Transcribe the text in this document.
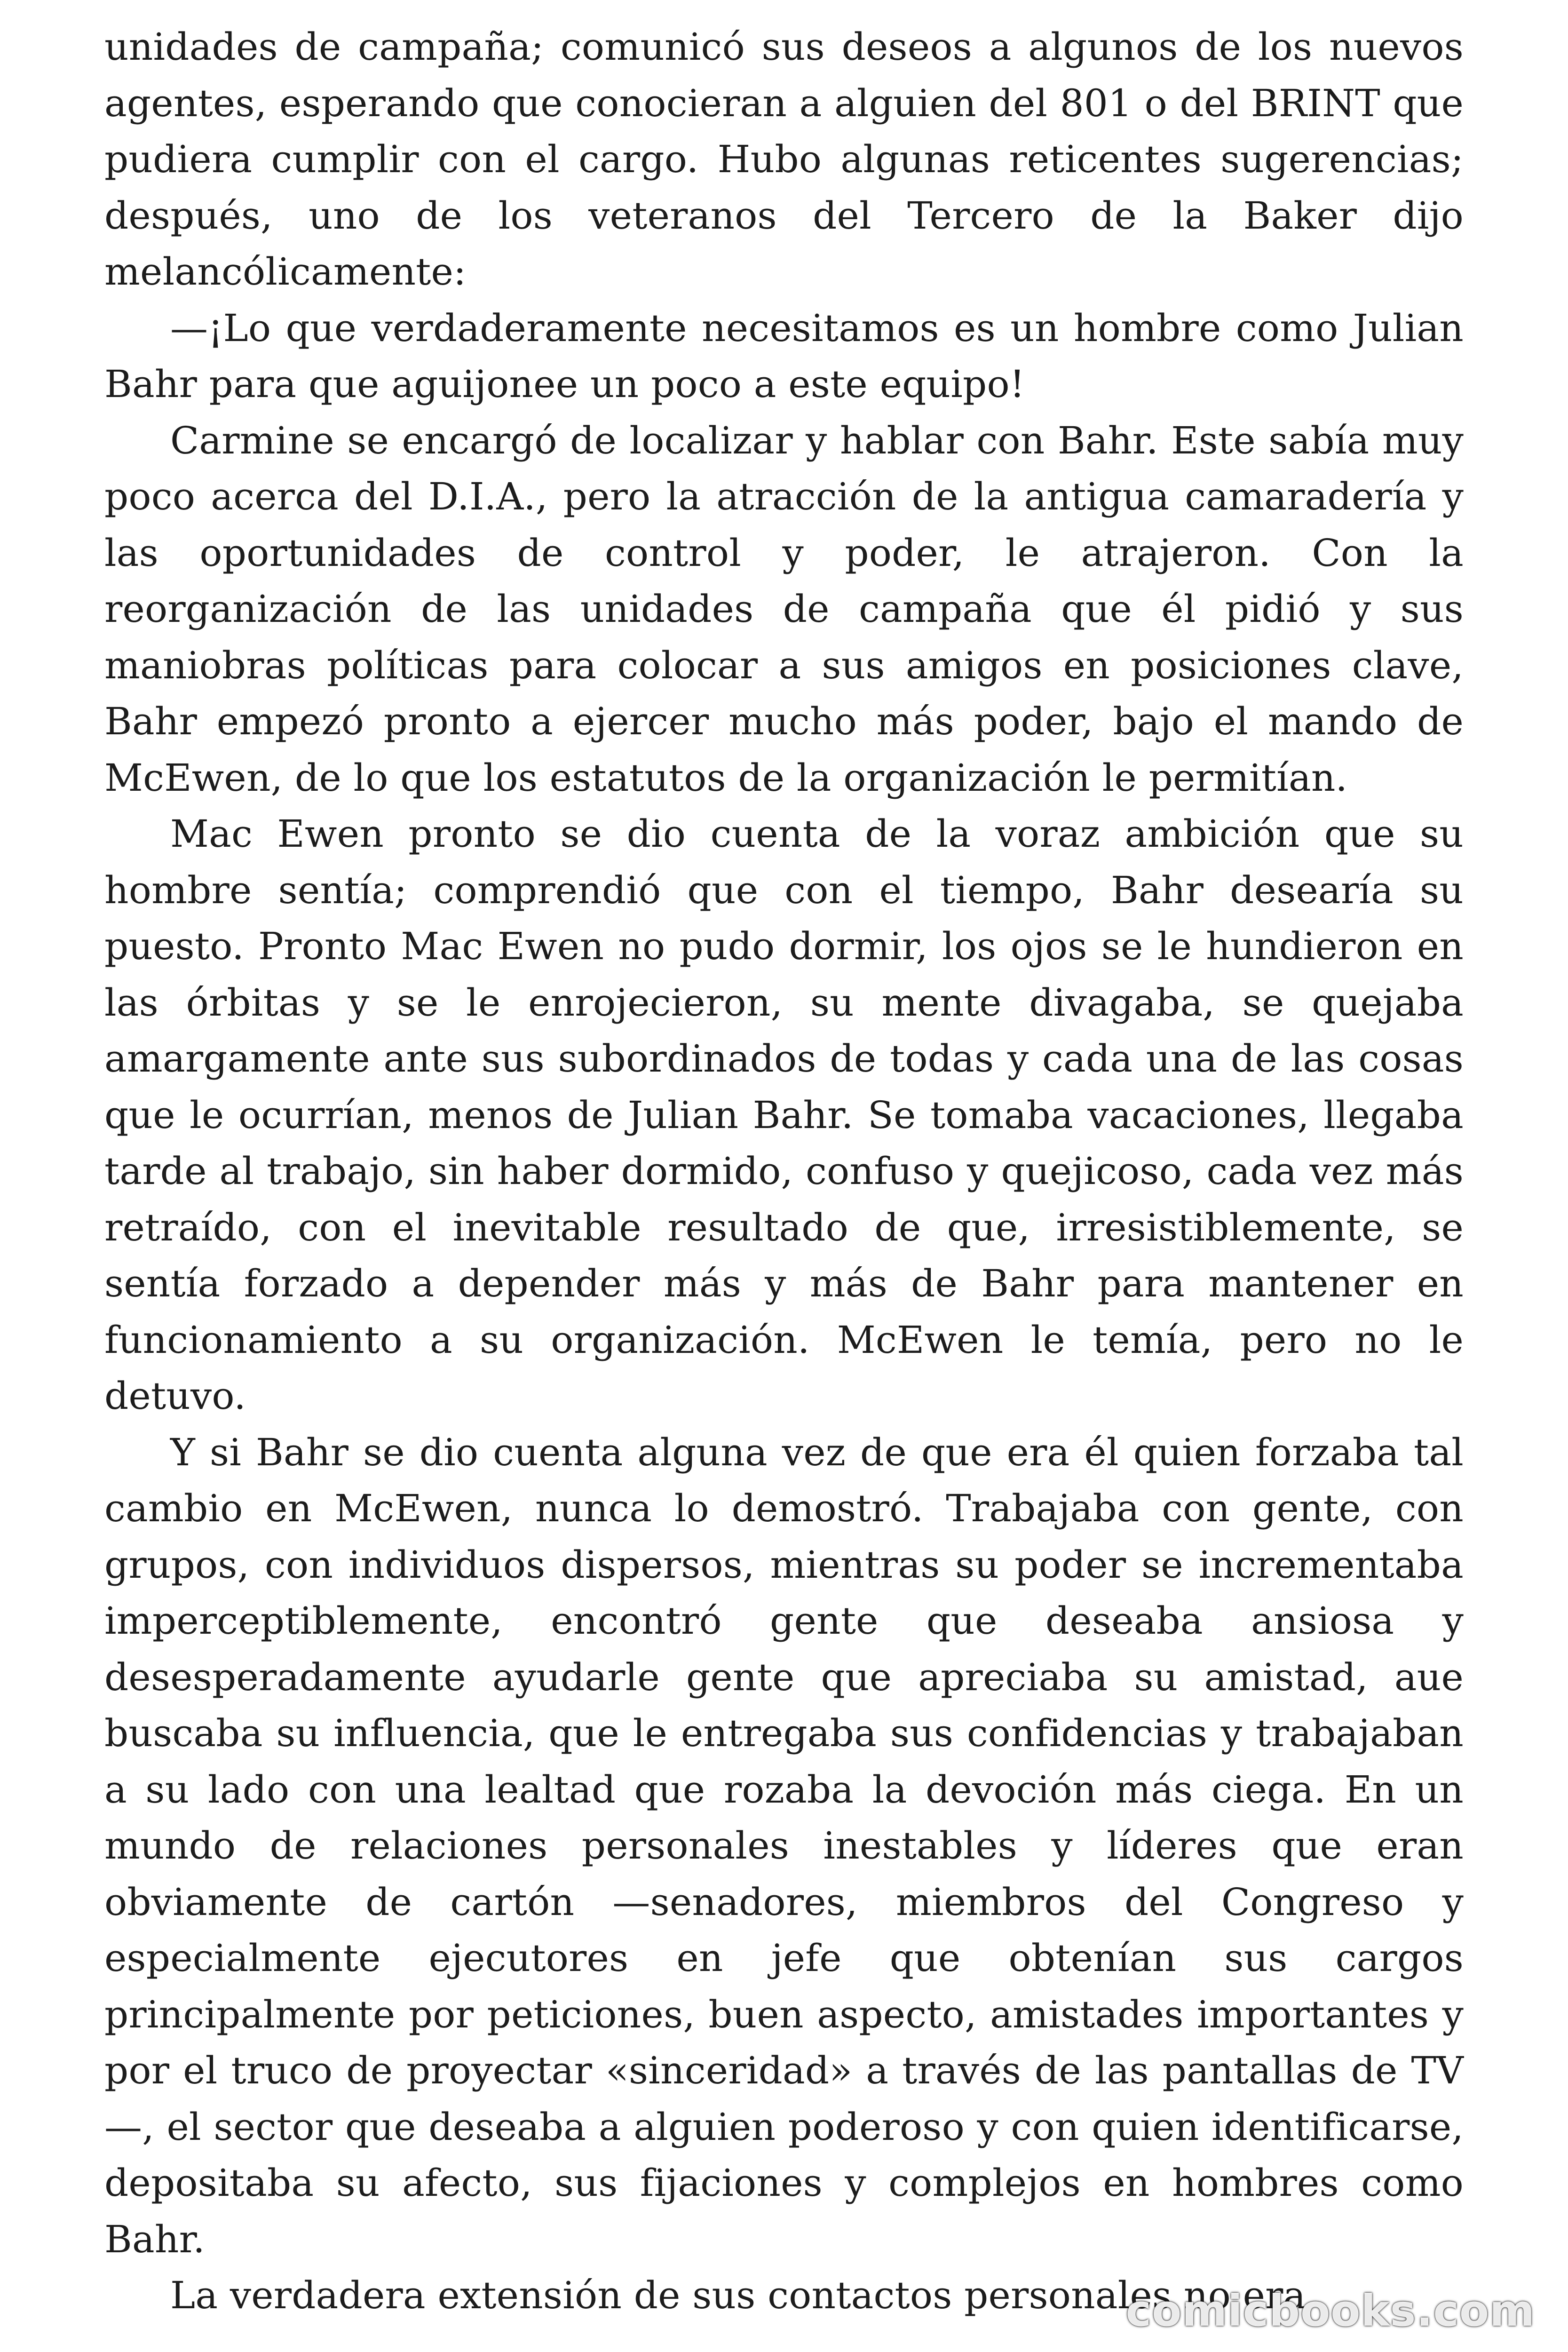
unidades de campaña; comunicó sus deseos a algunos de los nuevos agentes, esperando que conocieran a alguien del 801 o del BRINT que pudiera cumplir con el cargo. Hubo algunas reticentes sugerencias; después, uno de los veteranos del Tercero de la Baker dijo melancólicamente:

—¡Lo que verdaderamente necesitamos es un hombre como Julian Bahr para que aguijonee un poco a este equipo!

Carmine se encargó de localizar y hablar con Bahr. Este sabía muy poco acerca del D.I.A., pero la atracción de la antigua camaradería y las oportunidades de control y poder, le atrajeron. Con la reorganización de las unidades de campaña que él pidió y sus maniobras políticas para colocar a sus amigos en posiciones clave, Bahr empezó pronto a ejercer mucho más poder, bajo el mando de McEwen, de lo que los estatutos de la organización le permitían.

Mac Ewen pronto se dio cuenta de la voraz ambición que su hombre sentía; comprendió que con el tiempo, Bahr desearía su puesto. Pronto Mac Ewen no pudo dormir, los ojos se le hundieron en las órbitas y se le enrojecieron, su mente divagaba, se quejaba amargamente ante sus subordinados de todas y cada una de las cosas que le ocurrían, menos de Julian Bahr. Se tomaba vacaciones, llegaba tarde al trabajo, sin haber dormido, confuso y quejicoso, cada vez más retraído, con el inevitable resultado de que, irresistiblemente, se sentía forzado a depender más y más de Bahr para mantener en funcionamiento a su organización. McEwen le temía, pero no le detuvo.

Y si Bahr se dio cuenta alguna vez de que era él quien forzaba tal cambio en McEwen, nunca lo demostró. Trabajaba con gente, con grupos, con individuos dispersos, mientras su poder se incrementaba imperceptiblemente, encontró gente que deseaba ansiosa y desesperadamente ayudarle gente que apreciaba su amistad, aue buscaba su influencia, que le entregaba sus confidencias y trabajaban a su lado con una lealtad que rozaba la devoción más ciega. En un mundo de relaciones personales inestables y líderes que eran obviamente de cartón —senadores, miembros del Congreso y especialmente ejecutores en jefe que obtenían sus cargos principalmente por peticiones, buen aspecto, amistades importantes y por el truco de proyectar «sinceridad» a través de las pantallas de TV —, el sector que deseaba a alguien poderoso y con quien identificarse, depositaba su afecto, sus fijaciones y complejos en hombres como Bahr.

La verdadera extensión de sus contactos personales no era

comicbooks.com
